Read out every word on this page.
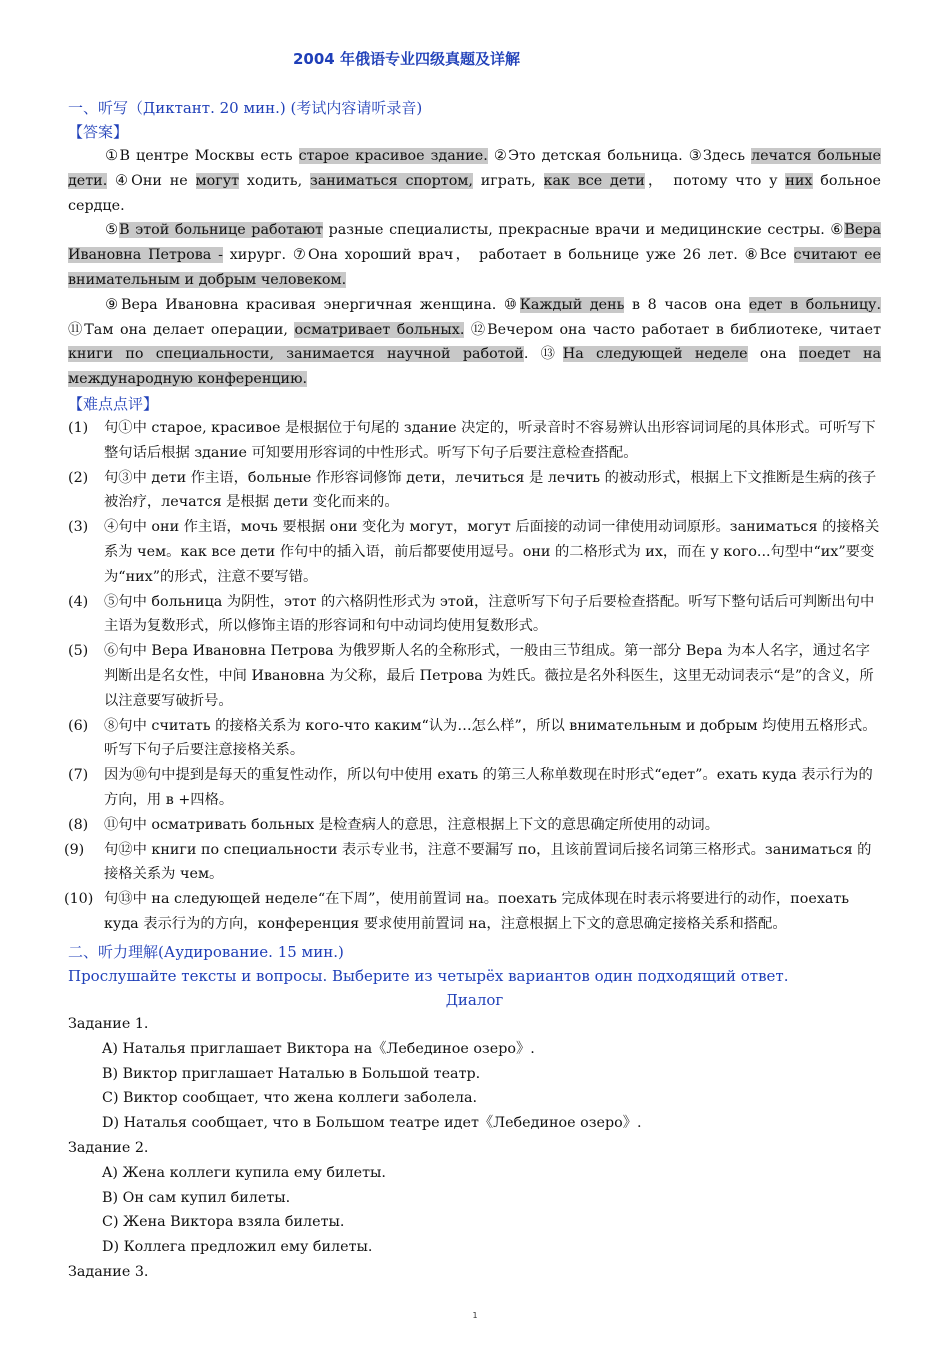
2004 年俄语专业四级真题及详解
一、听写（Диктант. 20 мин.) (考试内容请听录音)
【答案】

①В центре Москвы есть старое красивое здание. ②Это детская больница. ③Здесь лечатся больные дети. ④Они не могут ходить, заниматься спортом, играть, как все дети， потому что у них больное сердце.

⑤В этой больнице работают разные специалисты, прекрасные врачи и медицинские сестры. ⑥Вера Ивановна Петрова - хирург. ⑦Она хороший врач， работает в больнице уже 26 лет. ⑧Все считают ее внимательным и добрым человеком.

⑨Вера Ивановна красивая энергичная женщина. ⑩Каждый день в 8 часов она едет в больницу. ⑪Там она делает операции, осматривает больных. ⑫Вечером она часто работает в библиотеке, читает книги по специальности, занимается научной работой. ⑬На следующей неделе она поедет на международную конференцию.

【难点点评】
(1)	句①中 старое, красивое 是根据位于句尾的 здание 决定的，听录音时不容易辨认出形容词词尾的具体形式。可听写下整句话后根据 здание 可知要用形容词的中性形式。听写下句子后要注意检查搭配。
(2)	句③中 дети 作主语，больные 作形容词修饰 дети，лечиться 是 лечить 的被动形式，根据上下文推断是生病的孩子被治疗，лечатся 是根据 дети 变化而来的。
(3)	④句中 они 作主语，мочь 要根据 они 变化为 могут，могут 后面接的动词一律使用动词原形。заниматься 的接格关系为 чем。как все дети 作句中的插入语，前后都要使用逗号。они 的二格形式为 их，而在 у кого...句型中“их”要变为“них”的形式，注意不要写错。
(4)	⑤句中 больница 为阴性，этот 的六格阴性形式为 этой，注意听写下句子后要检查搭配。听写下整句话后可判断出句中主语为复数形式，所以修饰主语的形容词和句中动词均使用复数形式。
(5)	⑥句中 Вера Ивановна Петрова 为俄罗斯人名的全称形式，一般由三节组成。第一部分 Вера 为本人名字，通过名字判断出是名女性，中间 Ивановна 为父称，最后 Петрова 为姓氏。薇拉是名外科医生，这里无动词表示“是”的含义，所以注意要写破折号。
(6)	⑧句中 считать 的接格关系为 кого-что каким“认为…怎么样”，所以 внимательным и добрым 均使用五格形式。听写下句子后要注意接格关系。
(7)	因为⑩句中提到是每天的重复性动作，所以句中使用 ехать 的第三人称单数现在时形式“едет”。ехать куда 表示行为的方向，用 в +四格。
(8)	⑪句中 осматривать больных 是检查病人的意思，注意根据上下文的意思确定所使用的动词。
(9)	句⑫中 книги по специальности 表示专业书，注意不要漏写 по，且该前置词后接名词第三格形式。заниматься 的接格关系为 чем。
(10) 句⑬中 на следующей неделе“在下周”，使用前置词 на。поехать 完成体现在时表示将要进行的动作，поехать куда 表示行为的方向，конференция 要求使用前置词 на，注意根据上下文的意思确定接格关系和搭配。
二、听力理解(Аудирование. 15 мин.)
Прослушайте тексты и вопросы. Выберите из четырёх вариантов один подходящий ответ.
Диалог
Задание 1.
A) Наталья приглашает Виктора на《Лебединое озеро》.
B) Виктор приглашает Наталью в Большой театр.
C) Виктор сообщает, что жена коллеги заболела.
D) Наталья сообщает, что в Большом театре идет《Лебединое озеро》.
Задание 2.
A) Жена коллеги купила ему билеты.
B) Он сам купил билеты.
C) Жена Виктора взяла билеты.
D) Коллега предложил ему билеты.
Задание 3.
1
